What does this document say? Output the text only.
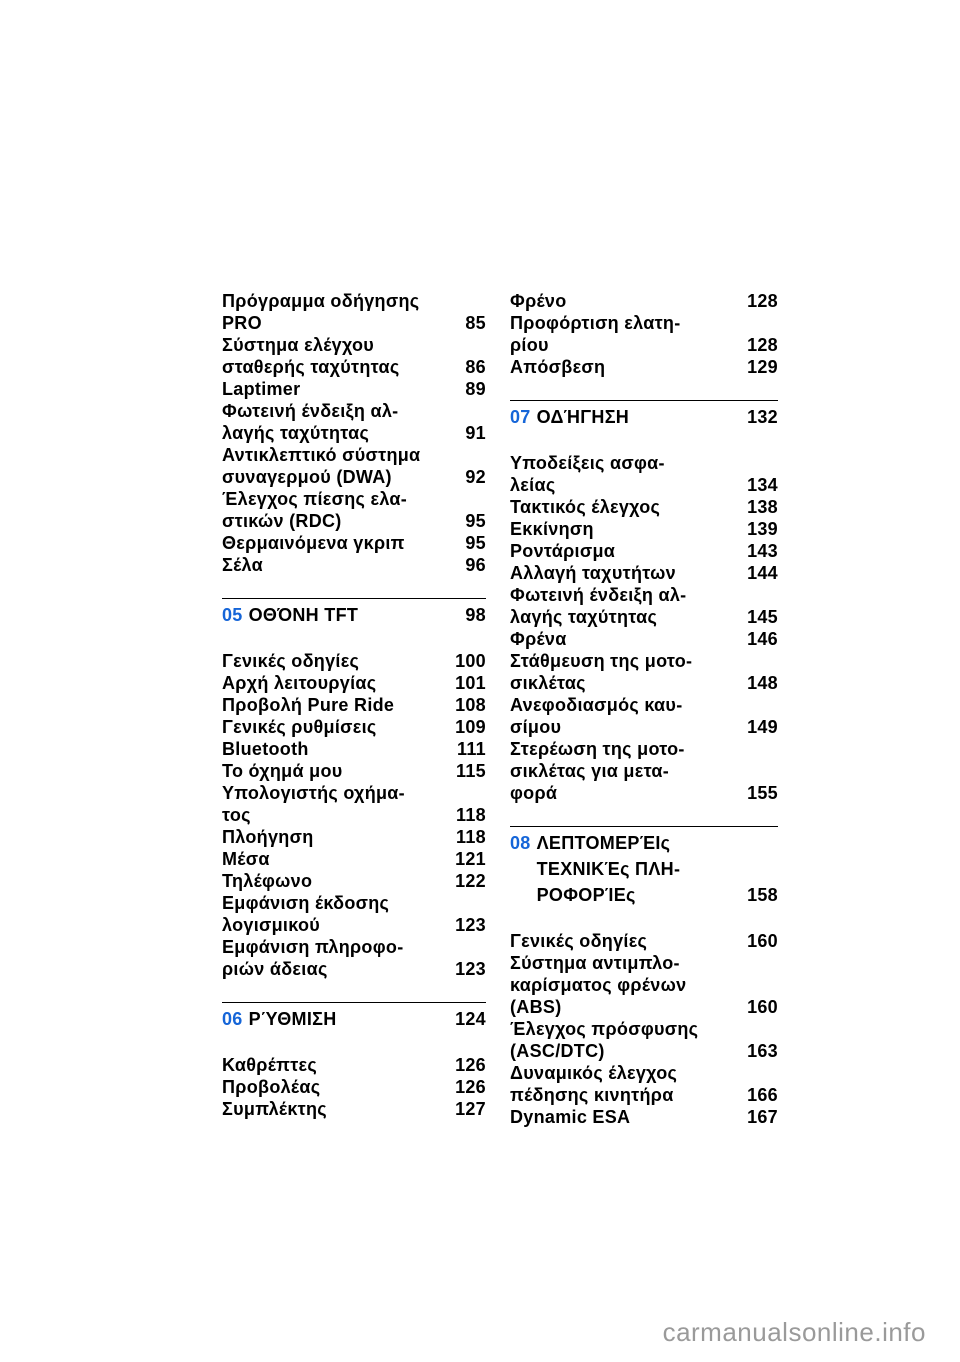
Πρόγραμμα οδήγησης
PRO	85
Σύστημα ελέγχου
σταθερής ταχύτητας	86
Laptimer	89
Φωτεινή ένδειξη αλ-
λαγής ταχύτητας	91
Αντικλεπτικό σύστημα
συναγερμού (DWA)	92
Έλεγχος πίεσης ελα-
στικών (RDC)	95
Θερμαινόμενα γκριπ	95
Σέλα	96
05 ΟΘΌΝΗ TFT	98
Γενικές οδηγίες	100
Αρχή λειτουργίας	101
Προβολή Pure Ride	108
Γενικές ρυθμίσεις	109
Bluetooth	111
Το όχημά μου	115
Υπολογιστής οχήμα-
τος	118
Πλοήγηση	118
Μέσα	121
Τηλέφωνο	122
Εμφάνιση έκδοσης
λογισμικού	123
Εμφάνιση πληροφο-
ριών άδειας	123
06 ΡΎΘΜΙΣΗ	124
Καθρέπτες	126
Προβολέας	126
Συμπλέκτης	127
Φρένο	128
Προφόρτιση ελατη-
ρίου	128
Απόσβεση	129
07 ΟΔΉΓΗΣΗ	132
Υποδείξεις ασφα-
λείας	134
Τακτικός έλεγχος	138
Εκκίνηση	139
Ροντάρισμα	143
Αλλαγή ταχυτήτων	144
Φωτεινή ένδειξη αλ-
λαγής ταχύτητας	145
Φρένα	146
Στάθμευση της μοτο-
σικλέτας	148
Ανεφοδιασμός καυ-
σίμου	149
Στερέωση της μοτο-
σικλέτας για μετα-
φορά	155
08 ΛΕΠΤΟΜΕΡΈΙς
ΤΕΧΝΙΚΈς ΠΛΗ-
ΡΟΦΟΡΊΕς	158
Γενικές οδηγίες	160
Σύστημα αντιμπλο-
καρίσματος φρένων
(ABS)	160
Έλεγχος πρόσφυσης
(ASC/DTC)	163
Δυναμικός έλεγχος
πέδησης κινητήρα	166
Dynamic ESA	167
carmanualsonline.info
